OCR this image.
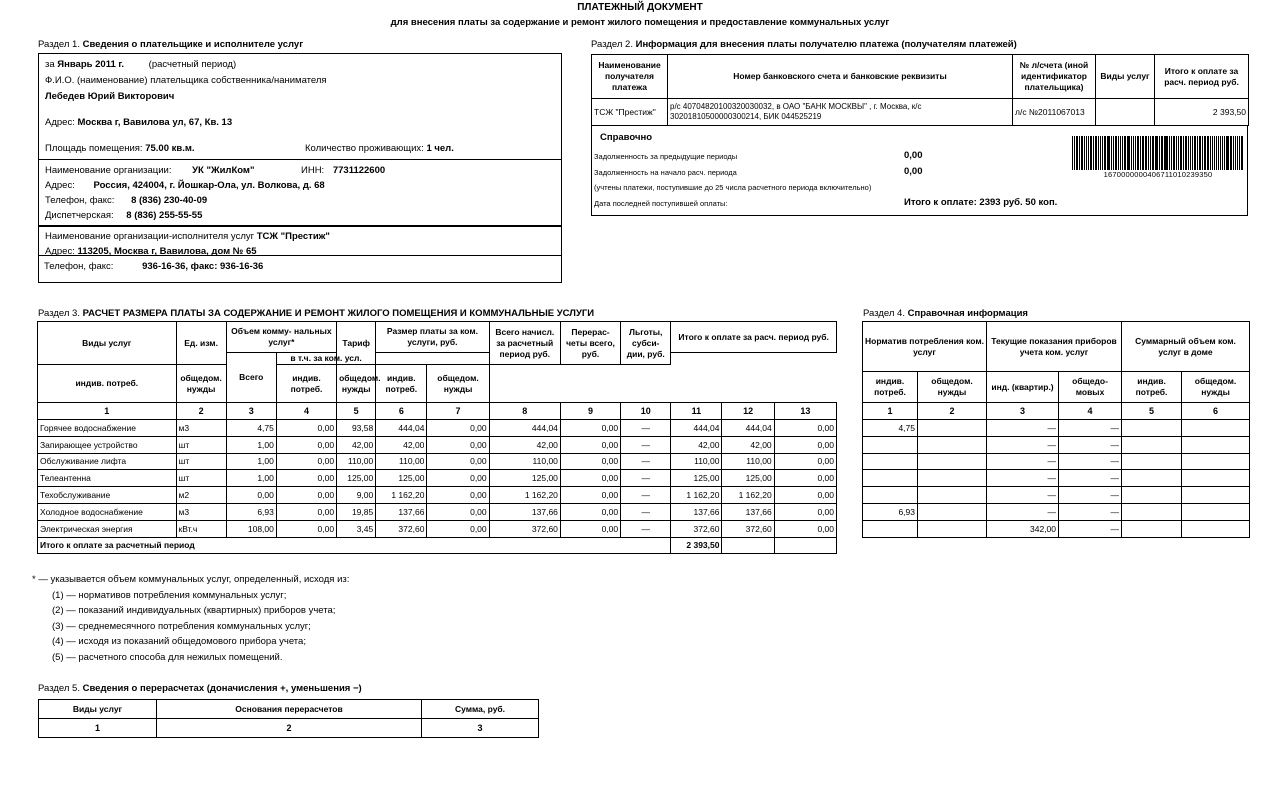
ПЛАТЕЖНЫЙ ДОКУМЕНТ
для внесения платы за содержание и ремонт жилого помещения и предоставление коммунальных услуг
Раздел 1. Сведения о плательщике и исполнителе услуг
за Январь 2011 г.	(расчетный период)
Ф.И.О. (наименование) плательщика собственника/нанимателя
Лебедев Юрий Викторович
Адрес: Москва г, Вавилова ул, 67, Кв. 13
Площадь помещения: 75.00 кв.м.	Количество проживающих: 1 чел.
Наименование организации: УК "ЖилКом"	ИНН: 7731122600
Адрес: Россия, 424004, г. Йошкар-Ола, ул. Волкова, д. 68
Телефон, факс: 8 (836) 230-40-09
Диспетчерская: 8 (836) 255-55-55
Наименование организации-исполнителя услуг ТСЖ "Престиж"
Адрес: 113205, Москва г, Вавилова, дом № 65
Телефон, факс:	936-16-36, факс: 936-16-36
Раздел 2. Информация для внесения платы получателю платежа (получателям платежей)
Наименование получателя платежа	Номер банковского счета и банковские реквизиты	№ л/счета (иной идентификатор плательщика)	Виды услуг	Итого к оплате за расч. период руб.
ТСЖ "Престиж"	р/с 40704820100320030032, в ОАО "БАНК МОСКВЫ" , г. Москва, к/с
30201810500000300214, БИК 044525219	л/с №2011067013		2 393,50
Справочно
Задолженность за предыдущие периоды	0,00
Задолженность на начало расч. периода	0,00
(учтены платежи, поступившие до 25 числа расчетного периода включительно)
Дата последней поступившей оплаты:	Итого к оплате: 2393 руб. 50 коп.
1670000000406711010239350
Раздел 3. РАСЧЕТ РАЗМЕРА ПЛАТЫ ЗА СОДЕРЖАНИЕ И РЕМОНТ ЖИЛОГО ПОМЕЩЕНИЯ И КОММУНАЛЬНЫЕ УСЛУГИ
Виды услуг	Ед. изм.	Объем комму- нальных услуг*		Тариф	Размер платы за ком. услуги, руб.		Всего начисл. за расчетный период руб.	Перерас- четы всего, руб.	Льготы, субси- дии, руб.	Итого к оплате за расч. период руб.		
		Всего	в т.ч. за ком. усл.									
индив. потреб.	общедом. нужды		индив. потреб.	общедом. нужды	индив. потреб.	общедом. нужды						
1	2	3	4	5	6	7	8	9	10	11	12	13
Горячее водоснабжение	м3	4,75	0,00	93,58	444,04	0,00	444,04	0,00	—	444,04	444,04	0,00
Запирающее устройство	шт	1,00	0,00	42,00	42,00	0,00	42,00	0,00	—	42,00	42,00	0,00
Обслуживание лифта	шт	1,00	0,00	110,00	110,00	0,00	110,00	0,00	—	110,00	110,00	0,00
Телеантенна	шт	1,00	0,00	125,00	125,00	0,00	125,00	0,00	—	125,00	125,00	0,00
Техобслуживание	м2	0,00	0,00	9,00	1 162,20	0,00	1 162,20	0,00	—	1 162,20	1 162,20	0,00
Холодное водоснабжение	м3	6,93	0,00	19,85	137,66	0,00	137,66	0,00	—	137,66	137,66	0,00
Электрическая энергия	кВт.ч	108,00	0,00	3,45	372,60	0,00	372,60	0,00	—	372,60	372,60	0,00
Итого к оплате за расчетный период										2 393,50		
Раздел 4. Справочная информация
Норматив потребления ком. услуг		Текущие показания приборов учета ком. услуг		Суммарный объем ком. услуг в доме	
индив. потреб.	общедом. нужды	инд. (квартир.)	общедо- мовых	индив. потреб.	общедом. нужды
1	2	3	4	5	6
4,75		—	—		
		—	—		
		—	—		
		—	—		
		—	—		
6,93		—	—		
		342,00	—		
* — указывается объем коммунальных услуг, определенный, исходя из:
(1) — нормативов потребления коммунальных услуг;
(2) — показаний индивидуальных (квартирных) приборов учета;
(3) — среднемесячного потребления коммунальных услуг;
(4) — исходя из показаний общедомового прибора учета;
(5) — расчетного способа для нежилых помещений.
Раздел 5. Сведения о перерасчетах (доначисления +, уменьшения −)
Виды услуг	Основания перерасчетов	Сумма, руб.
1	2	3
